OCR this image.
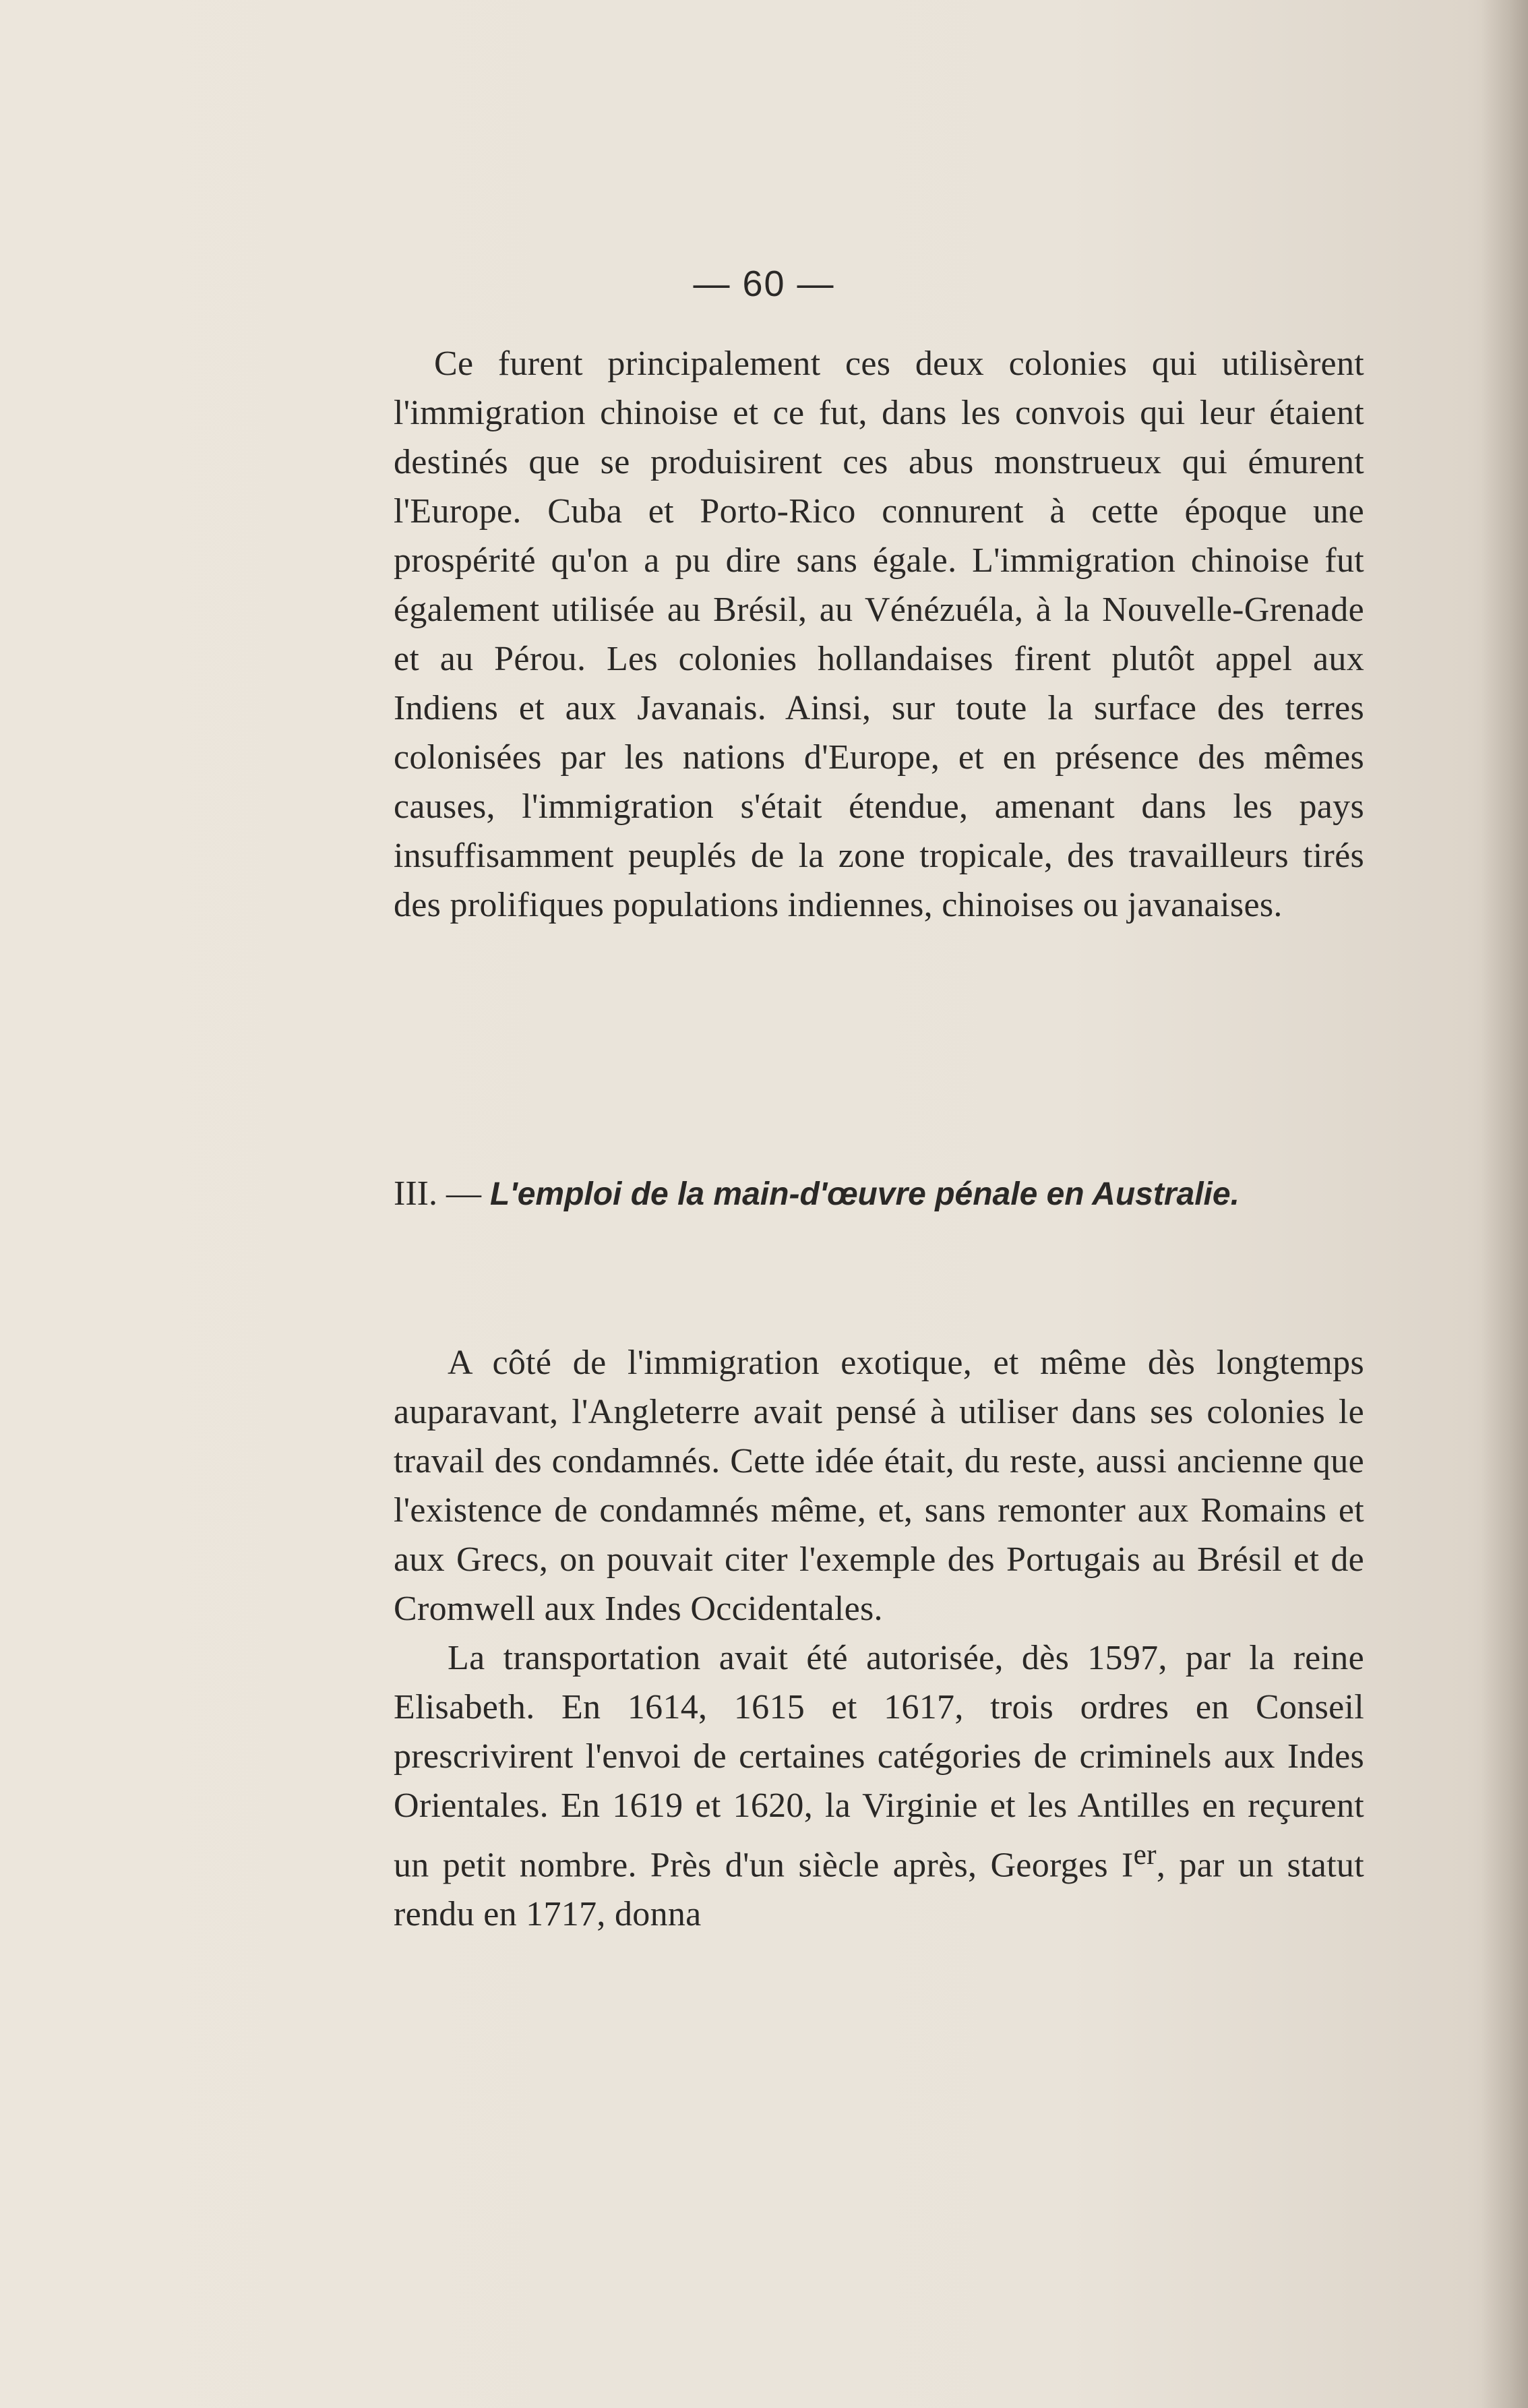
— 60 —

Ce furent principalement ces deux colonies qui utilisèrent l'immigration chinoise et ce fut, dans les convois qui leur étaient destinés que se produisirent ces abus monstrueux qui émurent l'Europe. Cuba et Porto-Rico connurent à cette époque une prospérité qu'on a pu dire sans égale. L'immigration chinoise fut également utilisée au Brésil, au Vénézuéla, à la Nouvelle-Grenade et au Pérou. Les colonies hollandaises firent plutôt appel aux Indiens et aux Javanais. Ainsi, sur toute la surface des terres colonisées par les nations d'Europe, et en présence des mêmes causes, l'immigration s'était étendue, amenant dans les pays insuffisamment peuplés de la zone tropicale, des travailleurs tirés des prolifiques populations indiennes, chinoises ou javanaises.

III. — L'emploi de la main-d'œuvre pénale en Australie.

A côté de l'immigration exotique, et même dès longtemps auparavant, l'Angleterre avait pensé à utiliser dans ses colonies le travail des condamnés. Cette idée était, du reste, aussi ancienne que l'existence de condamnés même, et, sans remonter aux Romains et aux Grecs, on pouvait citer l'exemple des Portugais au Brésil et de Cromwell aux Indes Occidentales.

La transportation avait été autorisée, dès 1597, par la reine Elisabeth. En 1614, 1615 et 1617, trois ordres en Conseil prescrivirent l'envoi de certaines catégories de criminels aux Indes Orientales. En 1619 et 1620, la Virginie et les Antilles en reçurent un petit nombre. Près d'un siècle après, Georges Ier, par un statut rendu en 1717, donna
